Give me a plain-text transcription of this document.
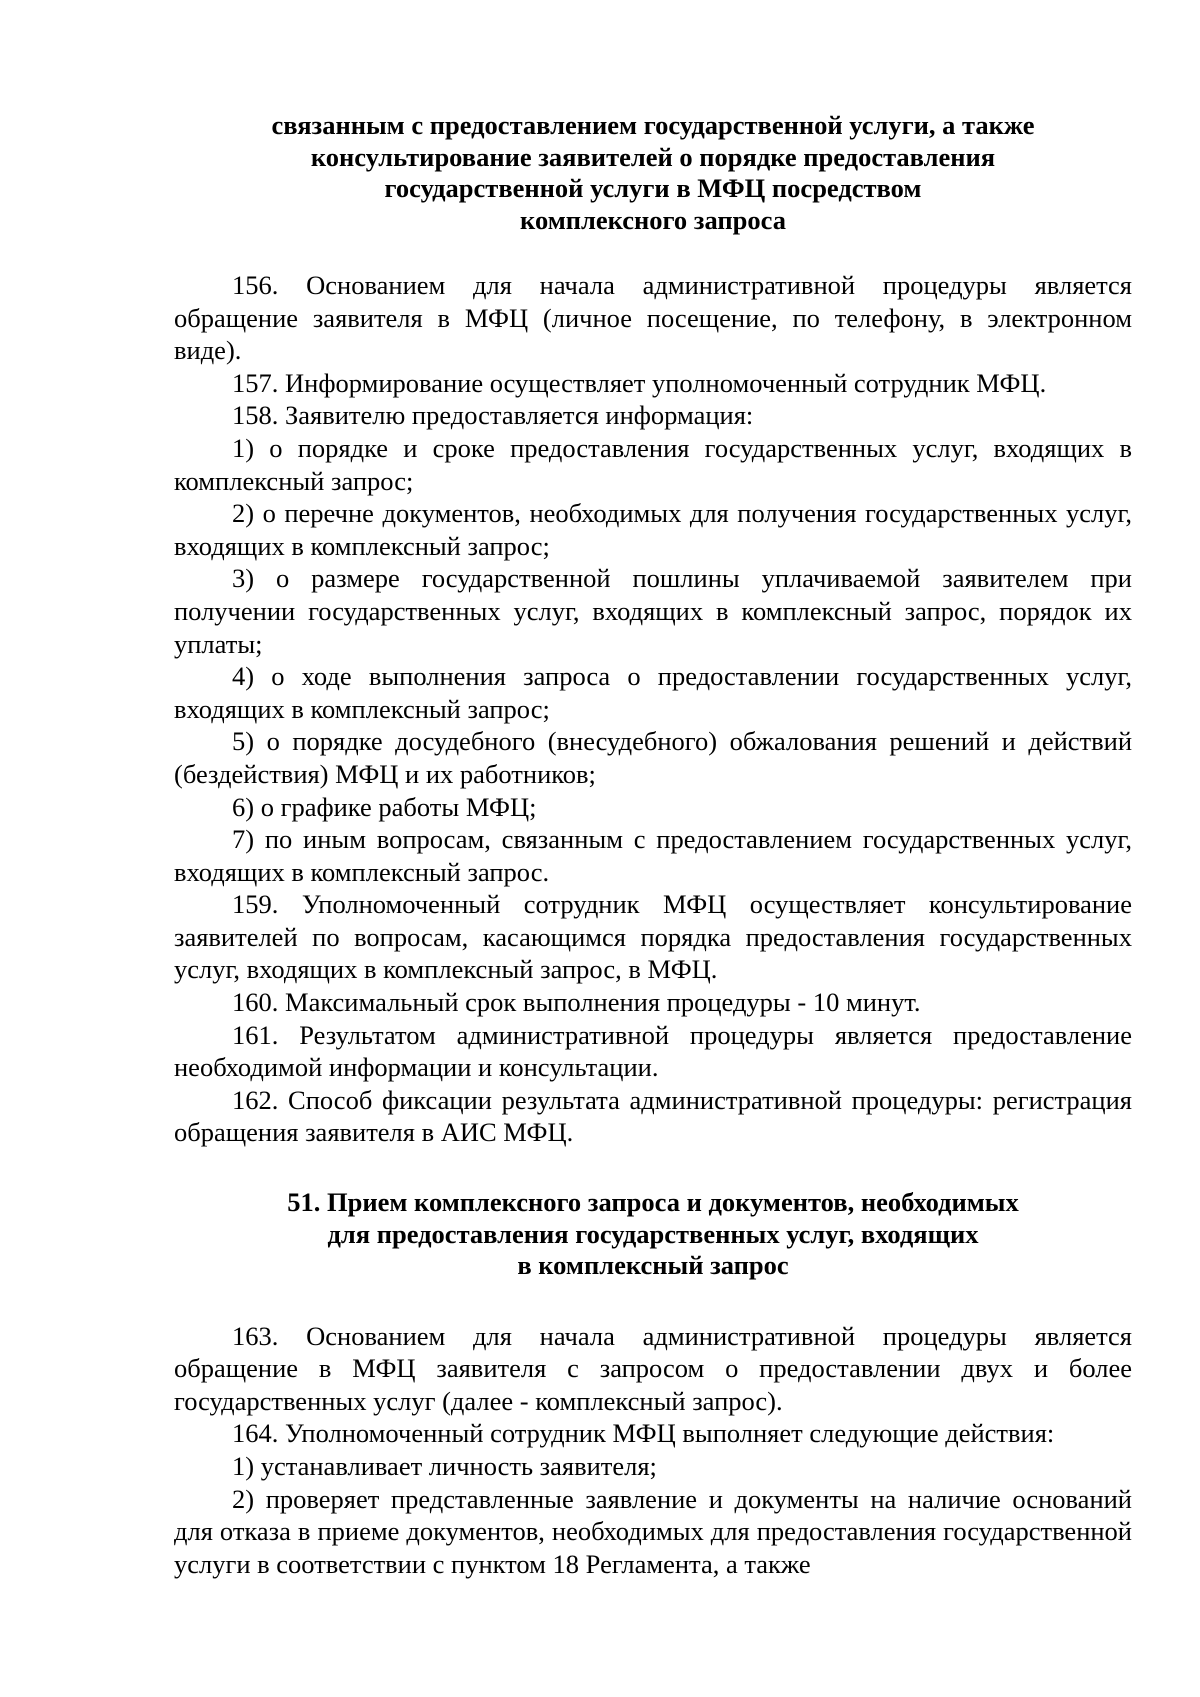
связанным с предоставлением государственной услуги, а также
консультирование заявителей о порядке предоставления
государственной услуги в МФЦ посредством
комплексного запроса

156. Основанием для начала административной процедуры является обращение заявителя в МФЦ (личное посещение, по телефону, в электронном виде).

157. Информирование осуществляет уполномоченный сотрудник МФЦ.

158. Заявителю предоставляется информация:

1) о порядке и сроке предоставления государственных услуг, входящих в комплексный запрос;

2) о перечне документов, необходимых для получения государственных услуг, входящих в комплексный запрос;

3) о размере государственной пошлины уплачиваемой заявителем при получении государственных услуг, входящих в комплексный запрос, порядок их уплаты;

4) о ходе выполнения запроса о предоставлении государственных услуг, входящих в комплексный запрос;

5) о порядке досудебного (внесудебного) обжалования решений и действий (бездействия) МФЦ и их работников;

6) о графике работы МФЦ;

7) по иным вопросам, связанным с предоставлением государственных услуг, входящих в комплексный запрос.

159. Уполномоченный сотрудник МФЦ осуществляет консультирование заявителей по вопросам, касающимся порядка предоставления государственных услуг, входящих в комплексный запрос, в МФЦ.

160. Максимальный срок выполнения процедуры - 10 минут.

161. Результатом административной процедуры является предоставление необходимой информации и консультации.

162. Способ фиксации результата административной процедуры: регистрация обращения заявителя в АИС МФЦ.

51. Прием комплексного запроса и документов, необходимых
для предоставления государственных услуг, входящих
в комплексный запрос

163. Основанием для начала административной процедуры является обращение в МФЦ заявителя с запросом о предоставлении двух и более государственных услуг (далее - комплексный запрос).

164. Уполномоченный сотрудник МФЦ выполняет следующие действия:

1) устанавливает личность заявителя;

2) проверяет представленные заявление и документы на наличие оснований для отказа в приеме документов, необходимых для предоставления государственной услуги в соответствии с пунктом 18 Регламента, а также
